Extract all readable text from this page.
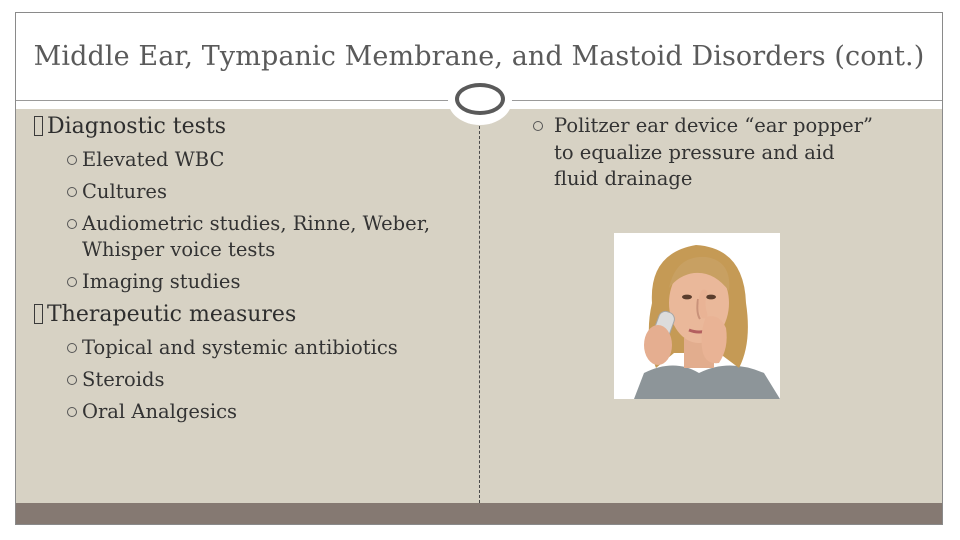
Middle Ear, Tympanic Membrane, and Mastoid Disorders (cont.)
Diagnostic tests
Elevated WBC
Cultures
Audiometric studies, Rinne, Weber, Whisper voice tests
Imaging studies
Therapeutic measures
Topical and systemic antibiotics
Steroids
Oral Analgesics
Politzer ear device “ear popper” to equalize pressure and aid fluid drainage
